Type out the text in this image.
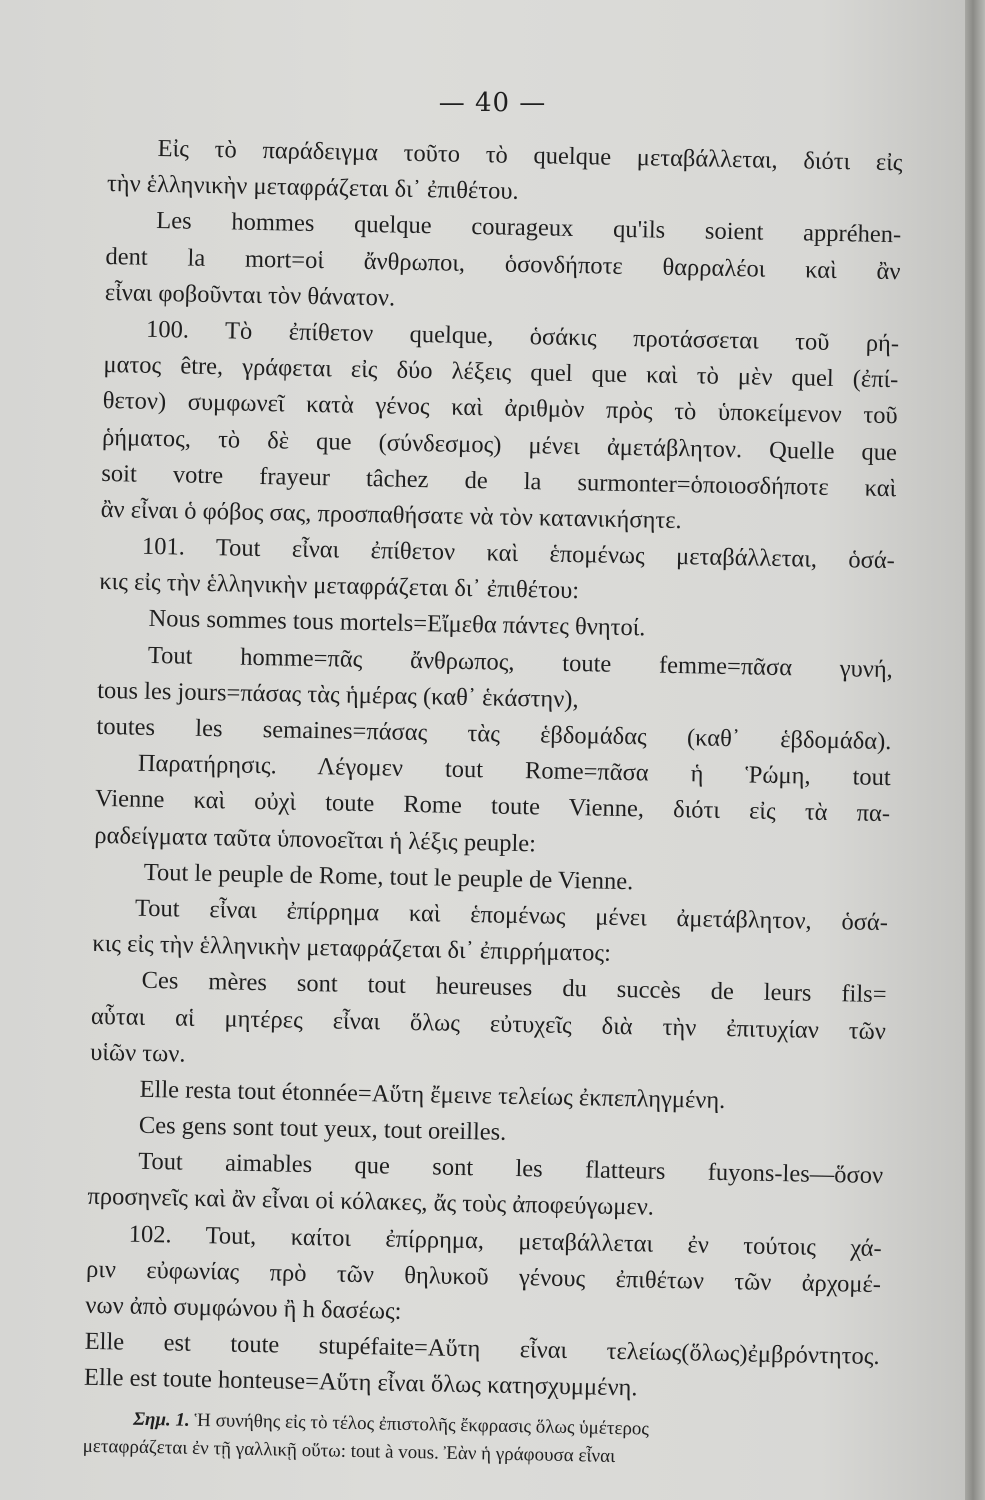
— 40 —
Εἰς τὸ παράδειγμα τοῦτο τὸ quelque μεταβάλλεται, διότι εἰς
τὴν ἑλληνικὴν μεταφράζεται δι᾿ ἐπιθέτου.
Les hommes quelque courageux qu'ils soient appréhen-
dent la mort=οἱ ἄνθρωποι, ὁσονδήποτε θαρραλέοι καὶ ἂν
εἶναι φοβοῦνται τὸν θάνατον.
100. Τὸ ἐπίθετον quelque, ὁσάκις προτάσσεται τοῦ ρή-
ματος être, γράφεται εἰς δύο λέξεις quel que καὶ τὸ μὲν quel (ἐπί-
θετον) συμφωνεῖ κατὰ γένος καὶ ἀριθμὸν πρὸς τὸ ὑποκείμενον τοῦ
ῥήματος, τὸ δὲ que (σύνδεσμος) μένει ἀμετάβλητον. Quelle que
soit votre frayeur tâchez de la surmonter=ὁποιοσδήποτε καὶ
ἂν εἶναι ὁ φόβος σας, προσπαθήσατε νὰ τὸν κατανικήσητε.
101. Tout εἶναι ἐπίθετον καὶ ἑπομένως μεταβάλλεται, ὁσά-
κις εἰς τὴν ἑλληνικὴν μεταφράζεται δι᾿ ἐπιθέτου:
Nous sommes tous mortels=Εἴμεθα πάντες θνητοί.
Tout homme=πᾶς ἄνθρωπος, toute femme=πᾶσα γυνή,
tous les jours=πάσας τὰς ἡμέρας (καθ᾿ ἑκάστην),
toutes les semaines=πάσας τὰς ἑβδομάδας (καθ᾿ ἑβδομάδα).
Παρατήρησις. Λέγομεν tout Rome=πᾶσα ἡ Ῥώμη, tout
Vienne καὶ οὐχὶ toute Rome toute Vienne, διότι εἰς τὰ πα-
ραδείγματα ταῦτα ὑπονοεῖται ἡ λέξις peuple:
Tout le peuple de Rome, tout le peuple de Vienne.
Tout εἶναι ἐπίρρημα καὶ ἑπομένως μένει ἀμετάβλητον, ὁσά-
κις εἰς τὴν ἑλληνικὴν μεταφράζεται δι᾿ ἐπιρρήματος:
Ces mères sont tout heureuses du succès de leurs fils=
αὗται αἱ μητέρες εἶναι ὅλως εὐτυχεῖς διὰ τὴν ἐπιτυχίαν τῶν
υἱῶν των.
Elle resta tout étonnée=Αὕτη ἔμεινε τελείως ἐκπεπληγμένη.
Ces gens sont tout yeux, tout oreilles.
Tout aimables que sont les flatteurs fuyons-les—ὅσον
προσηνεῖς καὶ ἂν εἶναι οἱ κόλακες, ἄς τοὺς ἀποφεύγωμεν.
102. Tout, καίτοι ἐπίρρημα, μεταβάλλεται ἐν τούτοις χά-
ριν εὐφωνίας πρὸ τῶν θηλυκοῦ γένους ἐπιθέτων τῶν ἀρχομέ-
νων ἀπὸ συμφώνου ἢ h δασέως:
Elle est toute stupéfaite=Αὕτη εἶναι τελείως(ὅλως)ἐμβρόντητος.
Elle est toute honteuse=Αὕτη εἶναι ὅλως κατησχυμμένη.
Σημ. 1. Ἡ συνήθης εἰς τὸ τέλος ἐπιστολῆς ἔκφρασις ὅλως ὑμέτερος
μεταφράζεται ἐν τῇ γαλλικῇ οὕτω: tout à vous. Ἐὰν ἡ γράφουσα εἶναι
